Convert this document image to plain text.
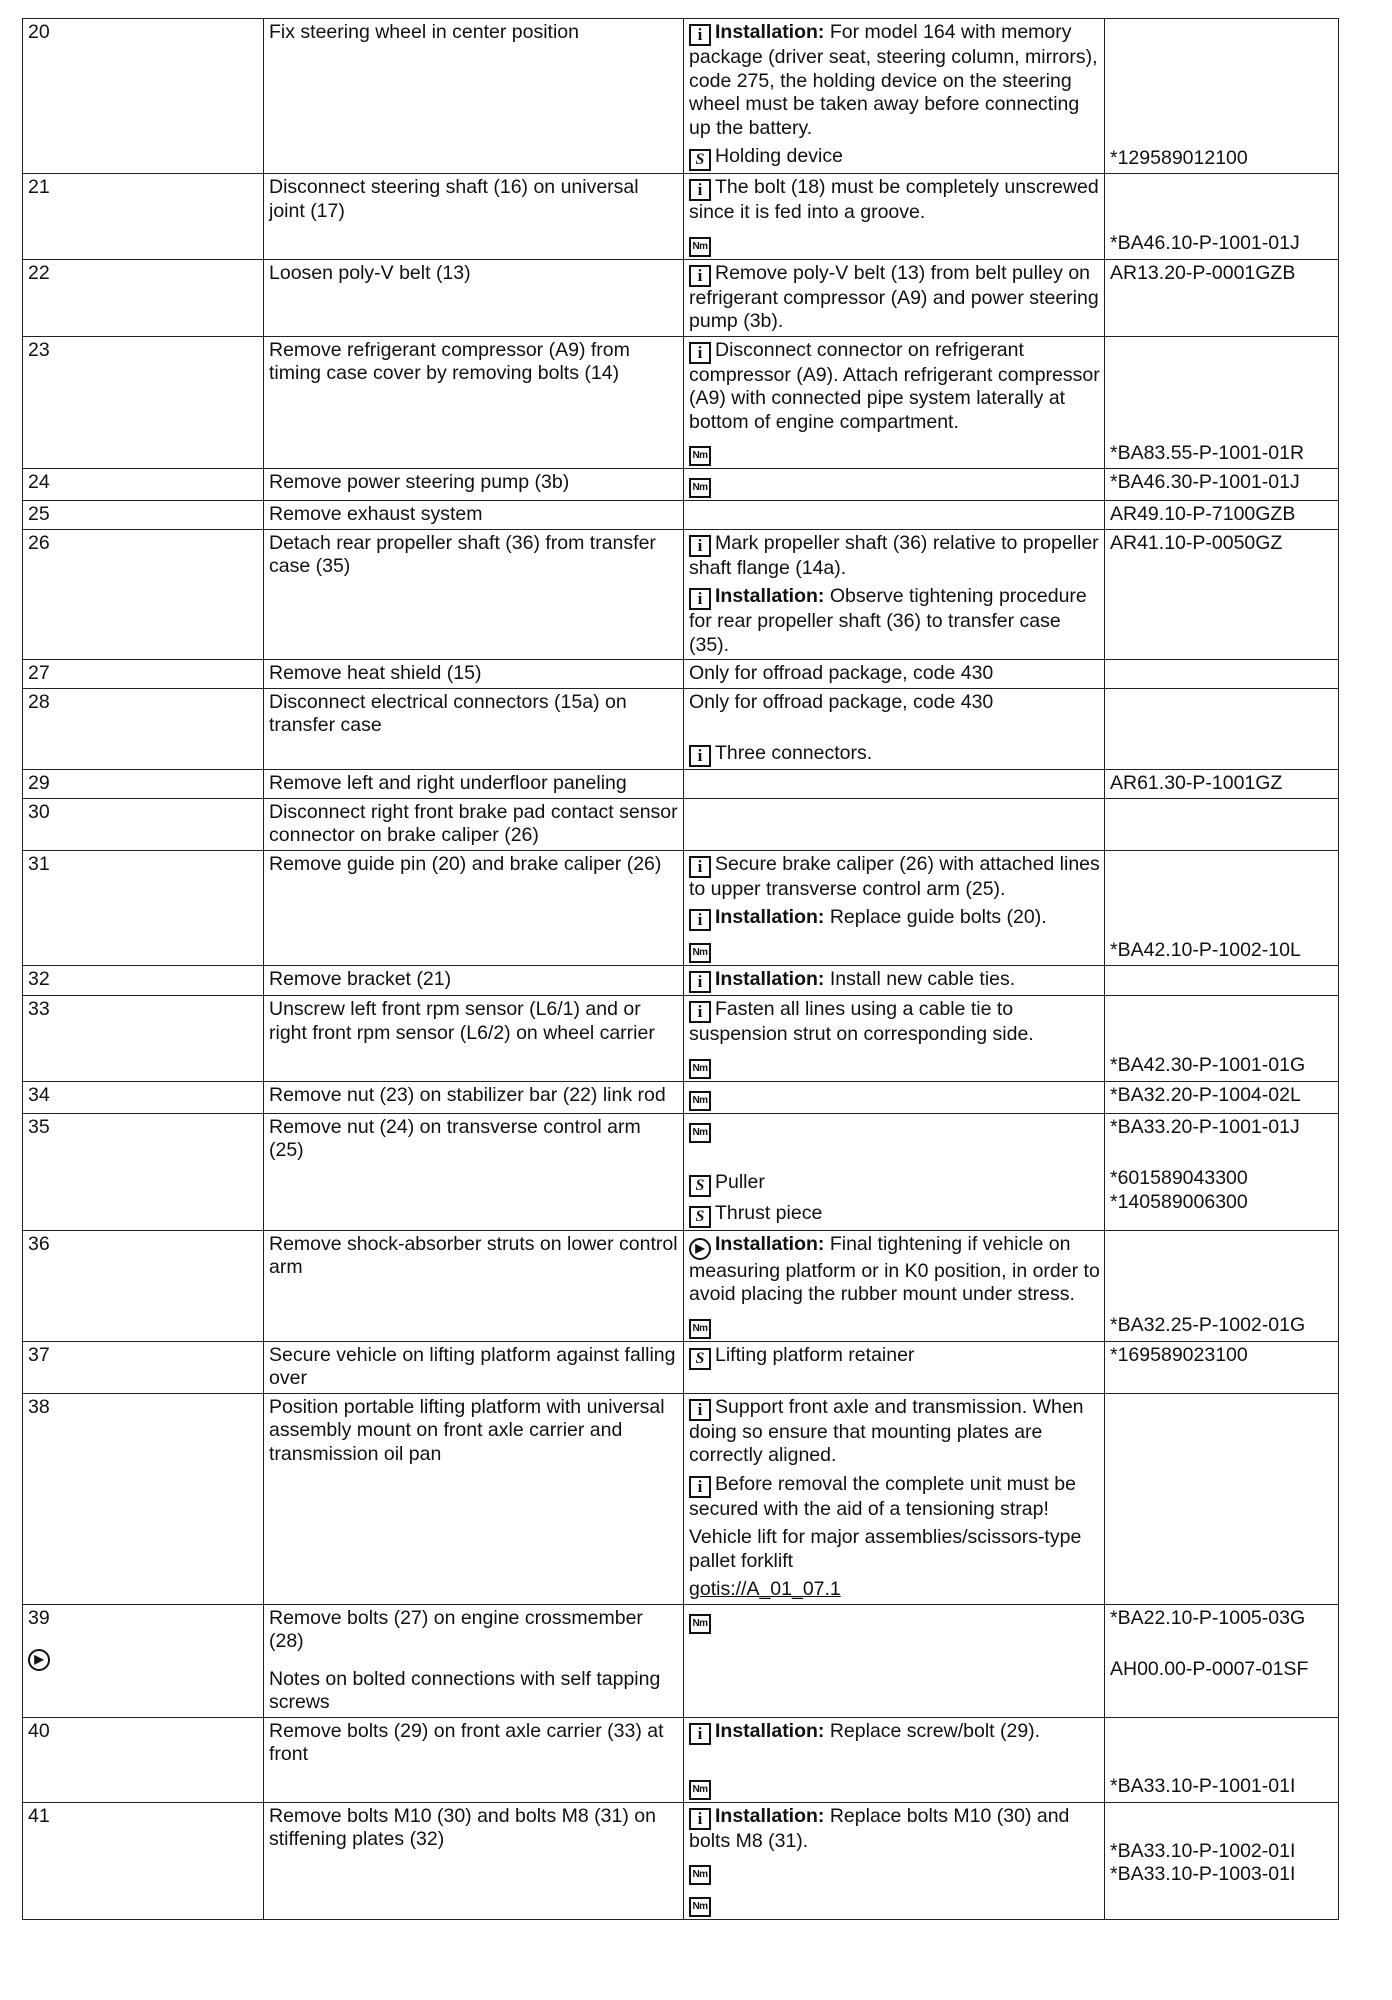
20	Fix steering wheel in center position	i Installation: For model 164 with memory package (driver seat, steering column, mirrors), code 275, the holding device on the steering wheel must be taken away before connecting up the battery.
S Holding device	*129589012100

21	Disconnect steering shaft (16) on universal joint (17)	i The bolt (18) must be completely unscrewed since it is fed into a groove.
Nm	*BA46.10-P-1001-01J

22	Loosen poly-V belt (13)	i Remove poly-V belt (13) from belt pulley on refrigerant compressor (A9) and power steering pump (3b).	AR13.20-P-0001GZB

23	Remove refrigerant compressor (A9) from timing case cover by removing bolts (14)	i Disconnect connector on refrigerant compressor (A9). Attach refrigerant compressor (A9) with connected pipe system laterally at bottom of engine compartment.
Nm	*BA83.55-P-1001-01R

24	Remove power steering pump (3b)	Nm	*BA46.30-P-1001-01J

25	Remove exhaust system		AR49.10-P-7100GZB

26	Detach rear propeller shaft (36) from transfer case (35)	i Mark propeller shaft (36) relative to propeller shaft flange (14a).
i Installation: Observe tightening procedure for rear propeller shaft (36) to transfer case (35).	AR41.10-P-0050GZ

27	Remove heat shield (15)	Only for offroad package, code 430	

28	Disconnect electrical connectors (15a) on transfer case	Only for offroad package, code 430
i Three connectors.	

29	Remove left and right underfloor paneling		AR61.30-P-1001GZ

30	Disconnect right front brake pad contact sensor connector on brake caliper (26)		

31	Remove guide pin (20) and brake caliper (26)	i Secure brake caliper (26) with attached lines to upper transverse control arm (25).
i Installation: Replace guide bolts (20).
Nm	*BA42.10-P-1002-10L

32	Remove bracket (21)	i Installation: Install new cable ties.	

33	Unscrew left front rpm sensor (L6/1) and or right front rpm sensor (L6/2) on wheel carrier	i Fasten all lines using a cable tie to suspension strut on corresponding side.
Nm	*BA42.30-P-1001-01G

34	Remove nut (23) on stabilizer bar (22) link rod	Nm	*BA32.20-P-1004-02L

35	Remove nut (24) on transverse control arm (25)	Nm
S Puller
S Thrust piece	*BA33.20-P-1001-01J
*601589043300
*140589006300

36	Remove shock-absorber struts on lower control arm	▶ Installation: Final tightening if vehicle on measuring platform or in K0 position, in order to avoid placing the rubber mount under stress.
Nm	*BA32.25-P-1002-01G

37	Secure vehicle on lifting platform against falling over	S Lifting platform retainer	*169589023100

38	Position portable lifting platform with universal assembly mount on front axle carrier and transmission oil pan	i Support front axle and transmission. When doing so ensure that mounting plates are correctly aligned.
i Before removal the complete unit must be secured with the aid of a tensioning strap!
Vehicle lift for major assemblies/scissors-type pallet forklift
gotis://A_01_07.1	

39
▶	Remove bolts (27) on engine crossmember (28)
Notes on bolted connections with self tapping screws	Nm	*BA22.10-P-1005-03G
AH00.00-P-0007-01SF

40	Remove bolts (29) on front axle carrier (33) at front	i Installation: Replace screw/bolt (29).
Nm	*BA33.10-P-1001-01I

41	Remove bolts M10 (30) and bolts M8 (31) on stiffening plates (32)	i Installation: Replace bolts M10 (30) and bolts M8 (31).
Nm
Nm	*BA33.10-P-1002-01I
*BA33.10-P-1003-01I
